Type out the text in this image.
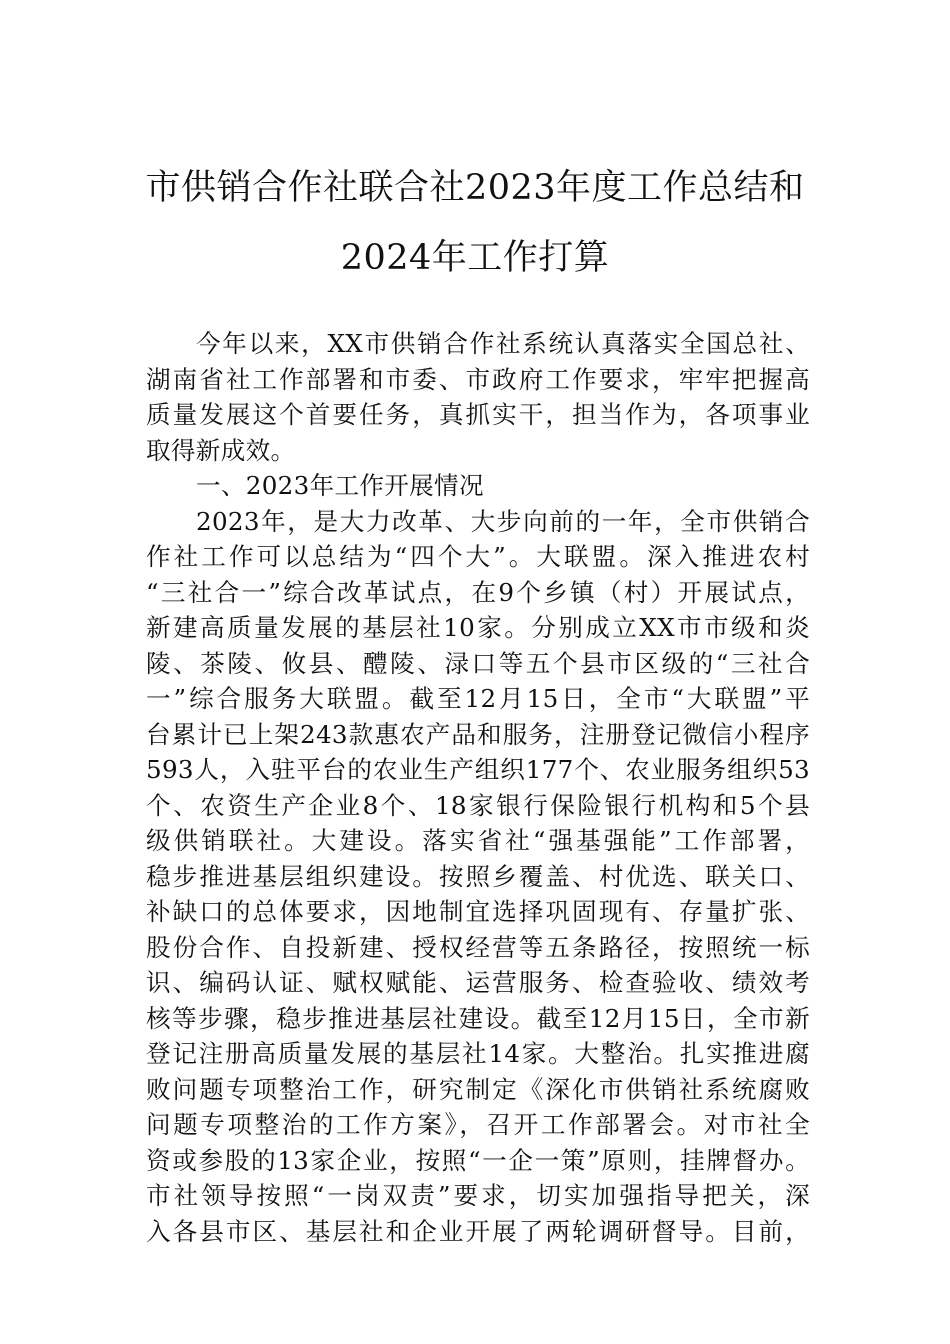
市供销合作社联合社2023年度工作总结和
2024年工作打算
今年以来，XX市供销合作社系统认真落实全国总社、
湖南省社工作部署和市委、市政府工作要求，牢牢把握高
质量发展这个首要任务，真抓实干，担当作为，各项事业
取得新成效。
一、2023年工作开展情况
2023年，是大力改革、大步向前的一年，全市供销合
作社工作可以总结为“四个大”。大联盟。深入推进农村
“三社合一”综合改革试点，在9个乡镇（村）开展试点，
新建高质量发展的基层社10家。分别成立XX市市级和炎
陵、茶陵、攸县、醴陵、渌口等五个县市区级的“三社合
一”综合服务大联盟。截至12月15日，全市“大联盟”平
台累计已上架243款惠农产品和服务，注册登记微信小程序
593人，入驻平台的农业生产组织177个、农业服务组织53
个、农资生产企业8个、18家银行保险银行机构和5个县
级供销联社。大建设。落实省社“强基强能”工作部署，
稳步推进基层组织建设。按照乡覆盖、村优选、联关口、
补缺口的总体要求，因地制宜选择巩固现有、存量扩张、
股份合作、自投新建、授权经营等五条路径，按照统一标
识、编码认证、赋权赋能、运营服务、检查验收、绩效考
核等步骤，稳步推进基层社建设。截至12月15日，全市新
登记注册高质量发展的基层社14家。大整治。扎实推进腐
败问题专项整治工作，研究制定《深化市供销社系统腐败
问题专项整治的工作方案》，召开工作部署会。对市社全
资或参股的13家企业，按照“一企一策”原则，挂牌督办。
市社领导按照“一岗双责”要求，切实加强指导把关，深
入各县市区、基层社和企业开展了两轮调研督导。目前，
